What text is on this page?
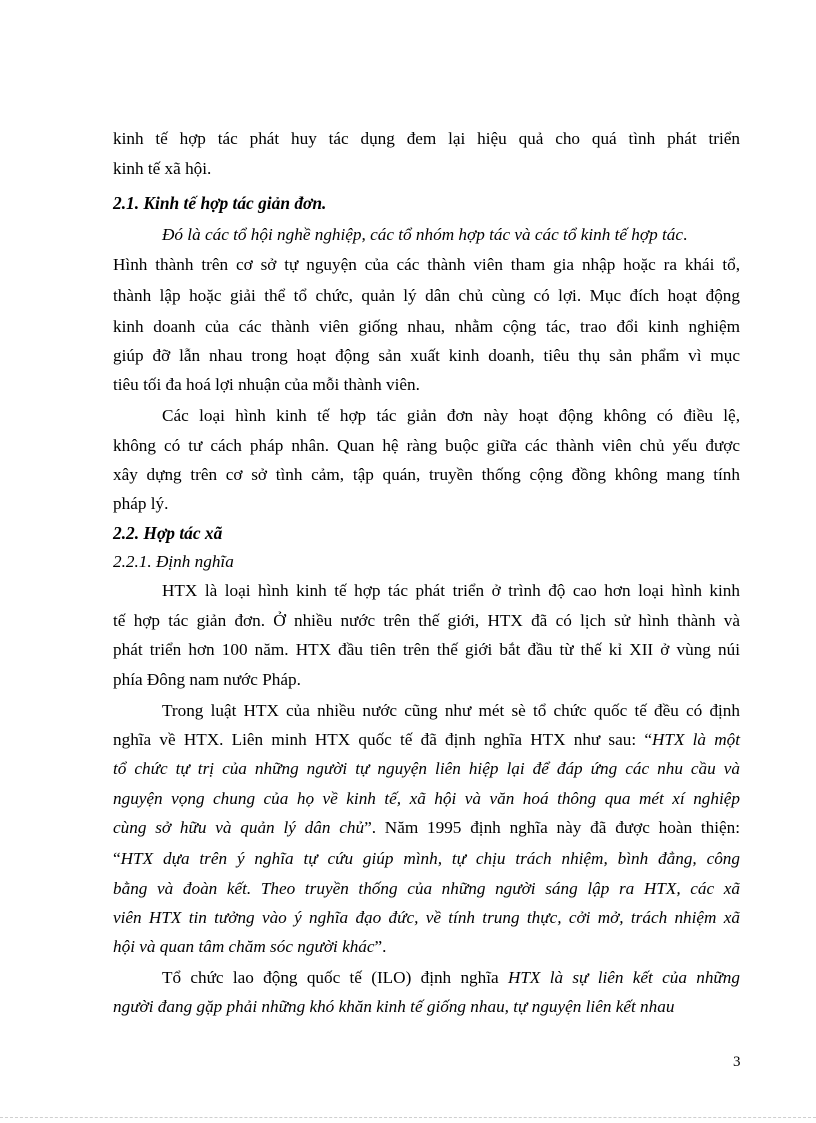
kinh tế hợp tác phát huy tác dụng đem lại hiệu quả cho quá tình phát triển

kinh tế xã hội.

2.1. Kinh tế hợp tác giản đơn.

Đó là các tổ hội nghề nghiệp, các tổ nhóm hợp tác và các tổ kinh tế hợp tác.

Hình thành trên cơ sở tự nguyện của các thành viên tham gia nhập hoặc ra khái tổ,

thành lập hoặc giải thể tổ chức, quản lý dân chủ cùng có lợi. Mục đích hoạt động

kinh doanh của các thành viên giống nhau, nhằm cộng tác, trao đổi kinh nghiệm

giúp đỡ lẫn nhau trong hoạt động sản xuất kinh doanh, tiêu thụ sản phẩm vì mục

tiêu tối đa hoá lợi nhuận của mỗi thành viên.

Các loại hình kinh tế hợp tác giản đơn này hoạt động không có điều lệ,

không có tư cách pháp nhân. Quan hệ ràng buộc giữa các thành viên chủ yếu được

xây dựng trên cơ sở tình cảm, tập quán, truyền thống cộng đồng không mang tính

pháp lý.

2.2. Hợp tác xã

2.2.1. Định nghĩa

HTX là loại hình kinh tế hợp tác phát triển ở trình độ cao hơn loại hình kinh

tế hợp tác giản đơn. Ở nhiều nước trên thế giới, HTX đã có lịch sử hình thành và

phát triển hơn 100 năm. HTX đầu tiên trên thế giới bắt đầu từ thế kỉ XII ở vùng núi

phía Đông nam nước Pháp.

Trong luật HTX của nhiều nước cũng như mét sè tổ chức quốc tế đều có định

nghĩa về HTX. Liên minh HTX quốc tế đã định nghĩa HTX như sau: “HTX là một

tổ chức tự trị của những người tự nguyện liên hiệp lại để đáp ứng các nhu cầu và

nguyện vọng chung của họ về kinh tế, xã hội và văn hoá thông qua mét xí nghiệp

cùng sở hữu và quản lý dân chủ”. Năm 1995 định nghĩa này đã được hoàn thiện:

“HTX dựa trên ý nghĩa tự cứu giúp mình, tự chịu trách nhiệm, bình đẳng, công

bằng và đoàn kết. Theo truyền thống của những người sáng lập ra HTX, các xã

viên HTX tin tưởng vào ý nghĩa đạo đức, về tính trung thực, cởi mở, trách nhiệm xã

hội và quan tâm chăm sóc người khác”.

Tổ chức lao động quốc tế (ILO) định nghĩa HTX là sự liên kết của những

người đang gặp phải những khó khăn kinh tế giống nhau, tự nguyện liên kết nhau

3
